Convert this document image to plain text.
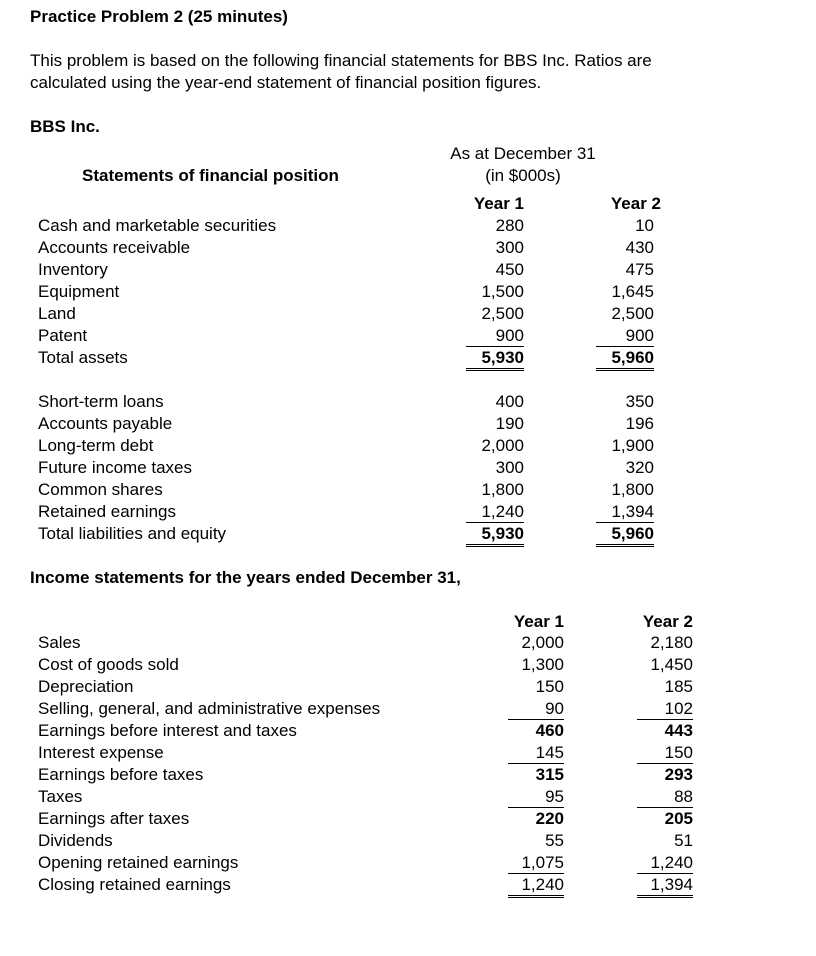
Practice Problem 2 (25 minutes)
This problem is based on the following financial statements for BBS Inc. Ratios are
calculated using the year-end statement of financial position figures.
BBS Inc.
Statements of financial position
As at December 31
(in $000s)
Year 1	Year 2
Cash and marketable securities	280	10
Accounts receivable	300	430
Inventory	450	475
Equipment	1,500	1,645
Land	2,500	2,500
Patent	900	900
Total assets	5,930	5,960
Short-term loans	400	350
Accounts payable	190	196
Long-term debt	2,000	1,900
Future income taxes	300	320
Common shares	1,800	1,800
Retained earnings	1,240	1,394
Total liabilities and equity	5,930	5,960
Income statements for the years ended December 31,
Year 1	Year 2
Sales	2,000	2,180
Cost of goods sold	1,300	1,450
Depreciation	150	185
Selling, general, and administrative expenses	90	102
Earnings before interest and taxes	460	443
Interest expense	145	150
Earnings before taxes	315	293
Taxes	95	88
Earnings after taxes	220	205
Dividends	55	51
Opening retained earnings	1,075	1,240
Closing retained earnings	1,240	1,394
